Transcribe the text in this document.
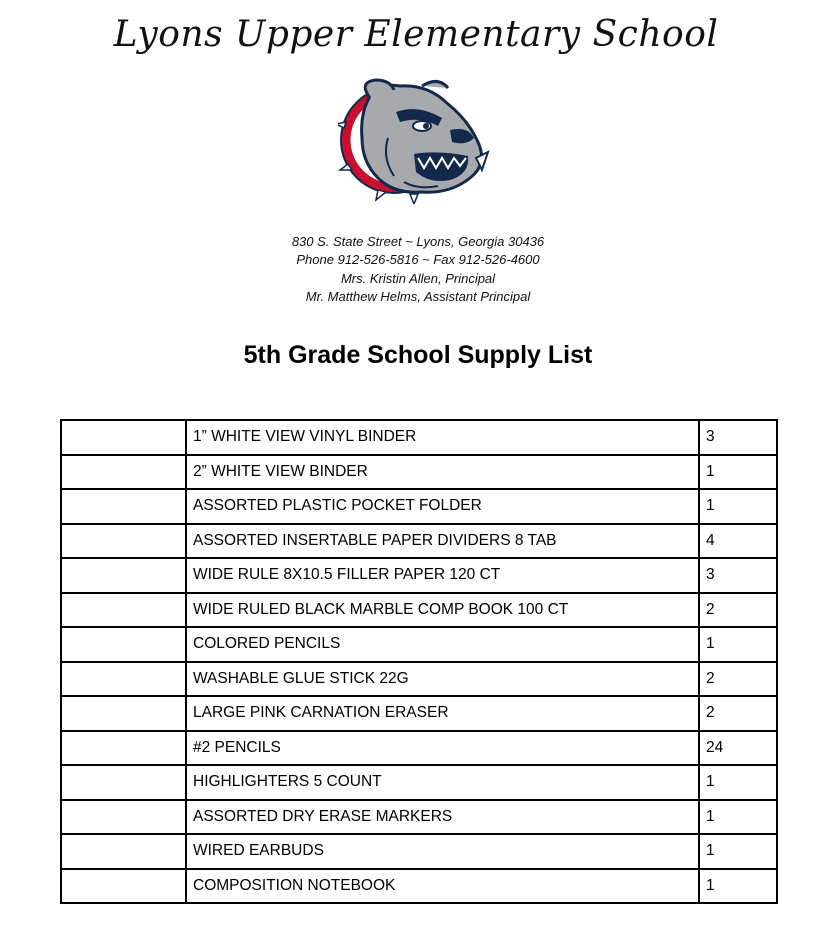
Lyons Upper Elementary School
830 S. State Street ~ Lyons, Georgia 30436
Phone 912-526-5816 ~ Fax 912-526-4600
Mrs. Kristin Allen, Principal
Mr. Matthew Helms, Assistant Principal
5th Grade School Supply List
	1” WHITE VIEW VINYL BINDER	3
	2” WHITE VIEW BINDER	1
	ASSORTED PLASTIC POCKET FOLDER	1
	ASSORTED INSERTABLE PAPER DIVIDERS 8 TAB	4
	WIDE RULE 8X10.5 FILLER PAPER 120 CT	3
	WIDE RULED BLACK MARBLE COMP BOOK 100 CT	2
	COLORED PENCILS	1
	WASHABLE GLUE STICK 22G	2
	LARGE PINK CARNATION ERASER	2
	#2 PENCILS	24
	HIGHLIGHTERS 5 COUNT	1
	ASSORTED DRY ERASE MARKERS	1
	WIRED EARBUDS	1
	COMPOSITION NOTEBOOK	1
